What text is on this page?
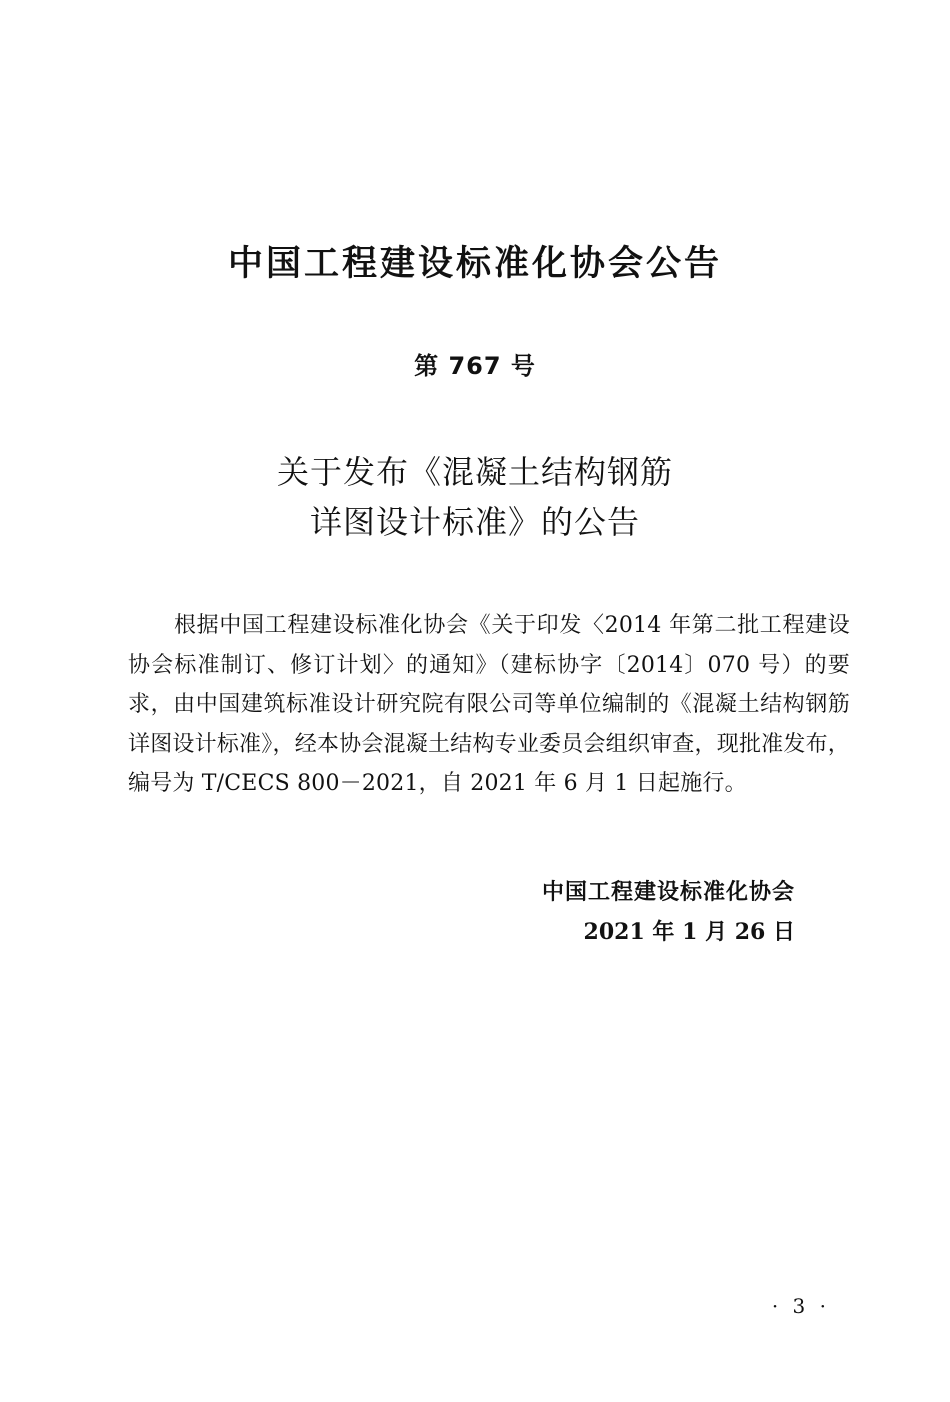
中国工程建设标准化协会公告
第 767 号
关于发布《混凝土结构钢筋
详图设计标准》的公告

根据中国工程建设标准化协会《关于印发〈2014 年第二批工程建设协会标准制订、修订计划〉的通知》（建标协字〔2014〕070 号）的要求，由中国建筑标准设计研究院有限公司等单位编制的《混凝土结构钢筋详图设计标准》，经本协会混凝土结构专业委员会组织审查，现批准发布，编号为 T/CECS 800－2021，自 2021 年 6 月 1 日起施行。

中国工程建设标准化协会
2021 年 1 月 26 日
· 3 ·
